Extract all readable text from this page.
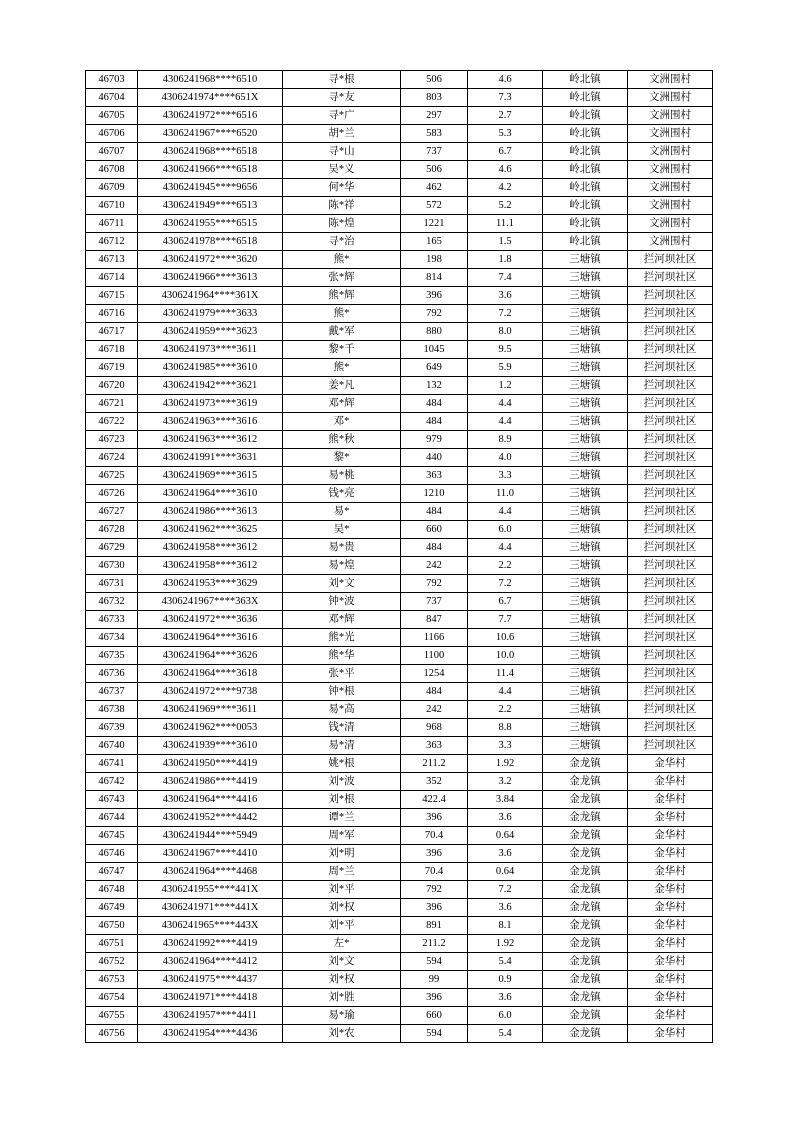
46703	4306241968****6510	寻*根	506	4.6	岭北镇	文洲围村
46704	4306241974****651X	寻*友	803	7.3	岭北镇	文洲围村
46705	4306241972****6516	寻*广	297	2.7	岭北镇	文洲围村
46706	4306241967****6520	胡*兰	583	5.3	岭北镇	文洲围村
46707	4306241968****6518	寻*山	737	6.7	岭北镇	文洲围村
46708	4306241966****6518	吴*义	506	4.6	岭北镇	文洲围村
46709	4306241945****9656	何*华	462	4.2	岭北镇	文洲围村
46710	4306241949****6513	陈*祥	572	5.2	岭北镇	文洲围村
46711	4306241955****6515	陈*煌	1221	11.1	岭北镇	文洲围村
46712	4306241978****6518	寻*治	165	1.5	岭北镇	文洲围村
46713	4306241972****3620	熊*	198	1.8	三塘镇	拦河坝社区
46714	4306241966****3613	张*辉	814	7.4	三塘镇	拦河坝社区
46715	4306241964****361X	熊*辉	396	3.6	三塘镇	拦河坝社区
46716	4306241979****3633	熊*	792	7.2	三塘镇	拦河坝社区
46717	4306241959****3623	戴*军	880	8.0	三塘镇	拦河坝社区
46718	4306241973****3611	黎*千	1045	9.5	三塘镇	拦河坝社区
46719	4306241985****3610	熊*	649	5.9	三塘镇	拦河坝社区
46720	4306241942****3621	姜*凡	132	1.2	三塘镇	拦河坝社区
46721	4306241973****3619	邓*辉	484	4.4	三塘镇	拦河坝社区
46722	4306241963****3616	邓*	484	4.4	三塘镇	拦河坝社区
46723	4306241963****3612	熊*秋	979	8.9	三塘镇	拦河坝社区
46724	4306241991****3631	黎*	440	4.0	三塘镇	拦河坝社区
46725	4306241969****3615	易*桃	363	3.3	三塘镇	拦河坝社区
46726	4306241964****3610	钱*亮	1210	11.0	三塘镇	拦河坝社区
46727	4306241986****3613	易*	484	4.4	三塘镇	拦河坝社区
46728	4306241962****3625	吴*	660	6.0	三塘镇	拦河坝社区
46729	4306241958****3612	易*贵	484	4.4	三塘镇	拦河坝社区
46730	4306241958****3612	易*煌	242	2.2	三塘镇	拦河坝社区
46731	4306241953****3629	刘*文	792	7.2	三塘镇	拦河坝社区
46732	4306241967****363X	钟*波	737	6.7	三塘镇	拦河坝社区
46733	4306241972****3636	邓*辉	847	7.7	三塘镇	拦河坝社区
46734	4306241964****3616	熊*光	1166	10.6	三塘镇	拦河坝社区
46735	4306241964****3626	熊*华	1100	10.0	三塘镇	拦河坝社区
46736	4306241964****3618	张*平	1254	11.4	三塘镇	拦河坝社区
46737	4306241972****9738	钟*根	484	4.4	三塘镇	拦河坝社区
46738	4306241969****3611	易*高	242	2.2	三塘镇	拦河坝社区
46739	4306241962****0053	钱*清	968	8.8	三塘镇	拦河坝社区
46740	4306241939****3610	易*清	363	3.3	三塘镇	拦河坝社区
46741	4306241950****4419	姚*根	211.2	1.92	金龙镇	金华村
46742	4306241986****4419	刘*波	352	3.2	金龙镇	金华村
46743	4306241964****4416	刘*根	422.4	3.84	金龙镇	金华村
46744	4306241952****4442	谭*兰	396	3.6	金龙镇	金华村
46745	4306241944****5949	周*军	70.4	0.64	金龙镇	金华村
46746	4306241967****4410	刘*明	396	3.6	金龙镇	金华村
46747	4306241964****4468	周*兰	70.4	0.64	金龙镇	金华村
46748	4306241955****441X	刘*平	792	7.2	金龙镇	金华村
46749	4306241971****441X	刘*权	396	3.6	金龙镇	金华村
46750	4306241965****443X	刘*平	891	8.1	金龙镇	金华村
46751	4306241992****4419	左*	211.2	1.92	金龙镇	金华村
46752	4306241964****4412	刘*文	594	5.4	金龙镇	金华村
46753	4306241975****4437	刘*权	99	0.9	金龙镇	金华村
46754	4306241971****4418	刘*胜	396	3.6	金龙镇	金华村
46755	4306241957****4411	易*瑜	660	6.0	金龙镇	金华村
46756	4306241954****4436	刘*农	594	5.4	金龙镇	金华村
